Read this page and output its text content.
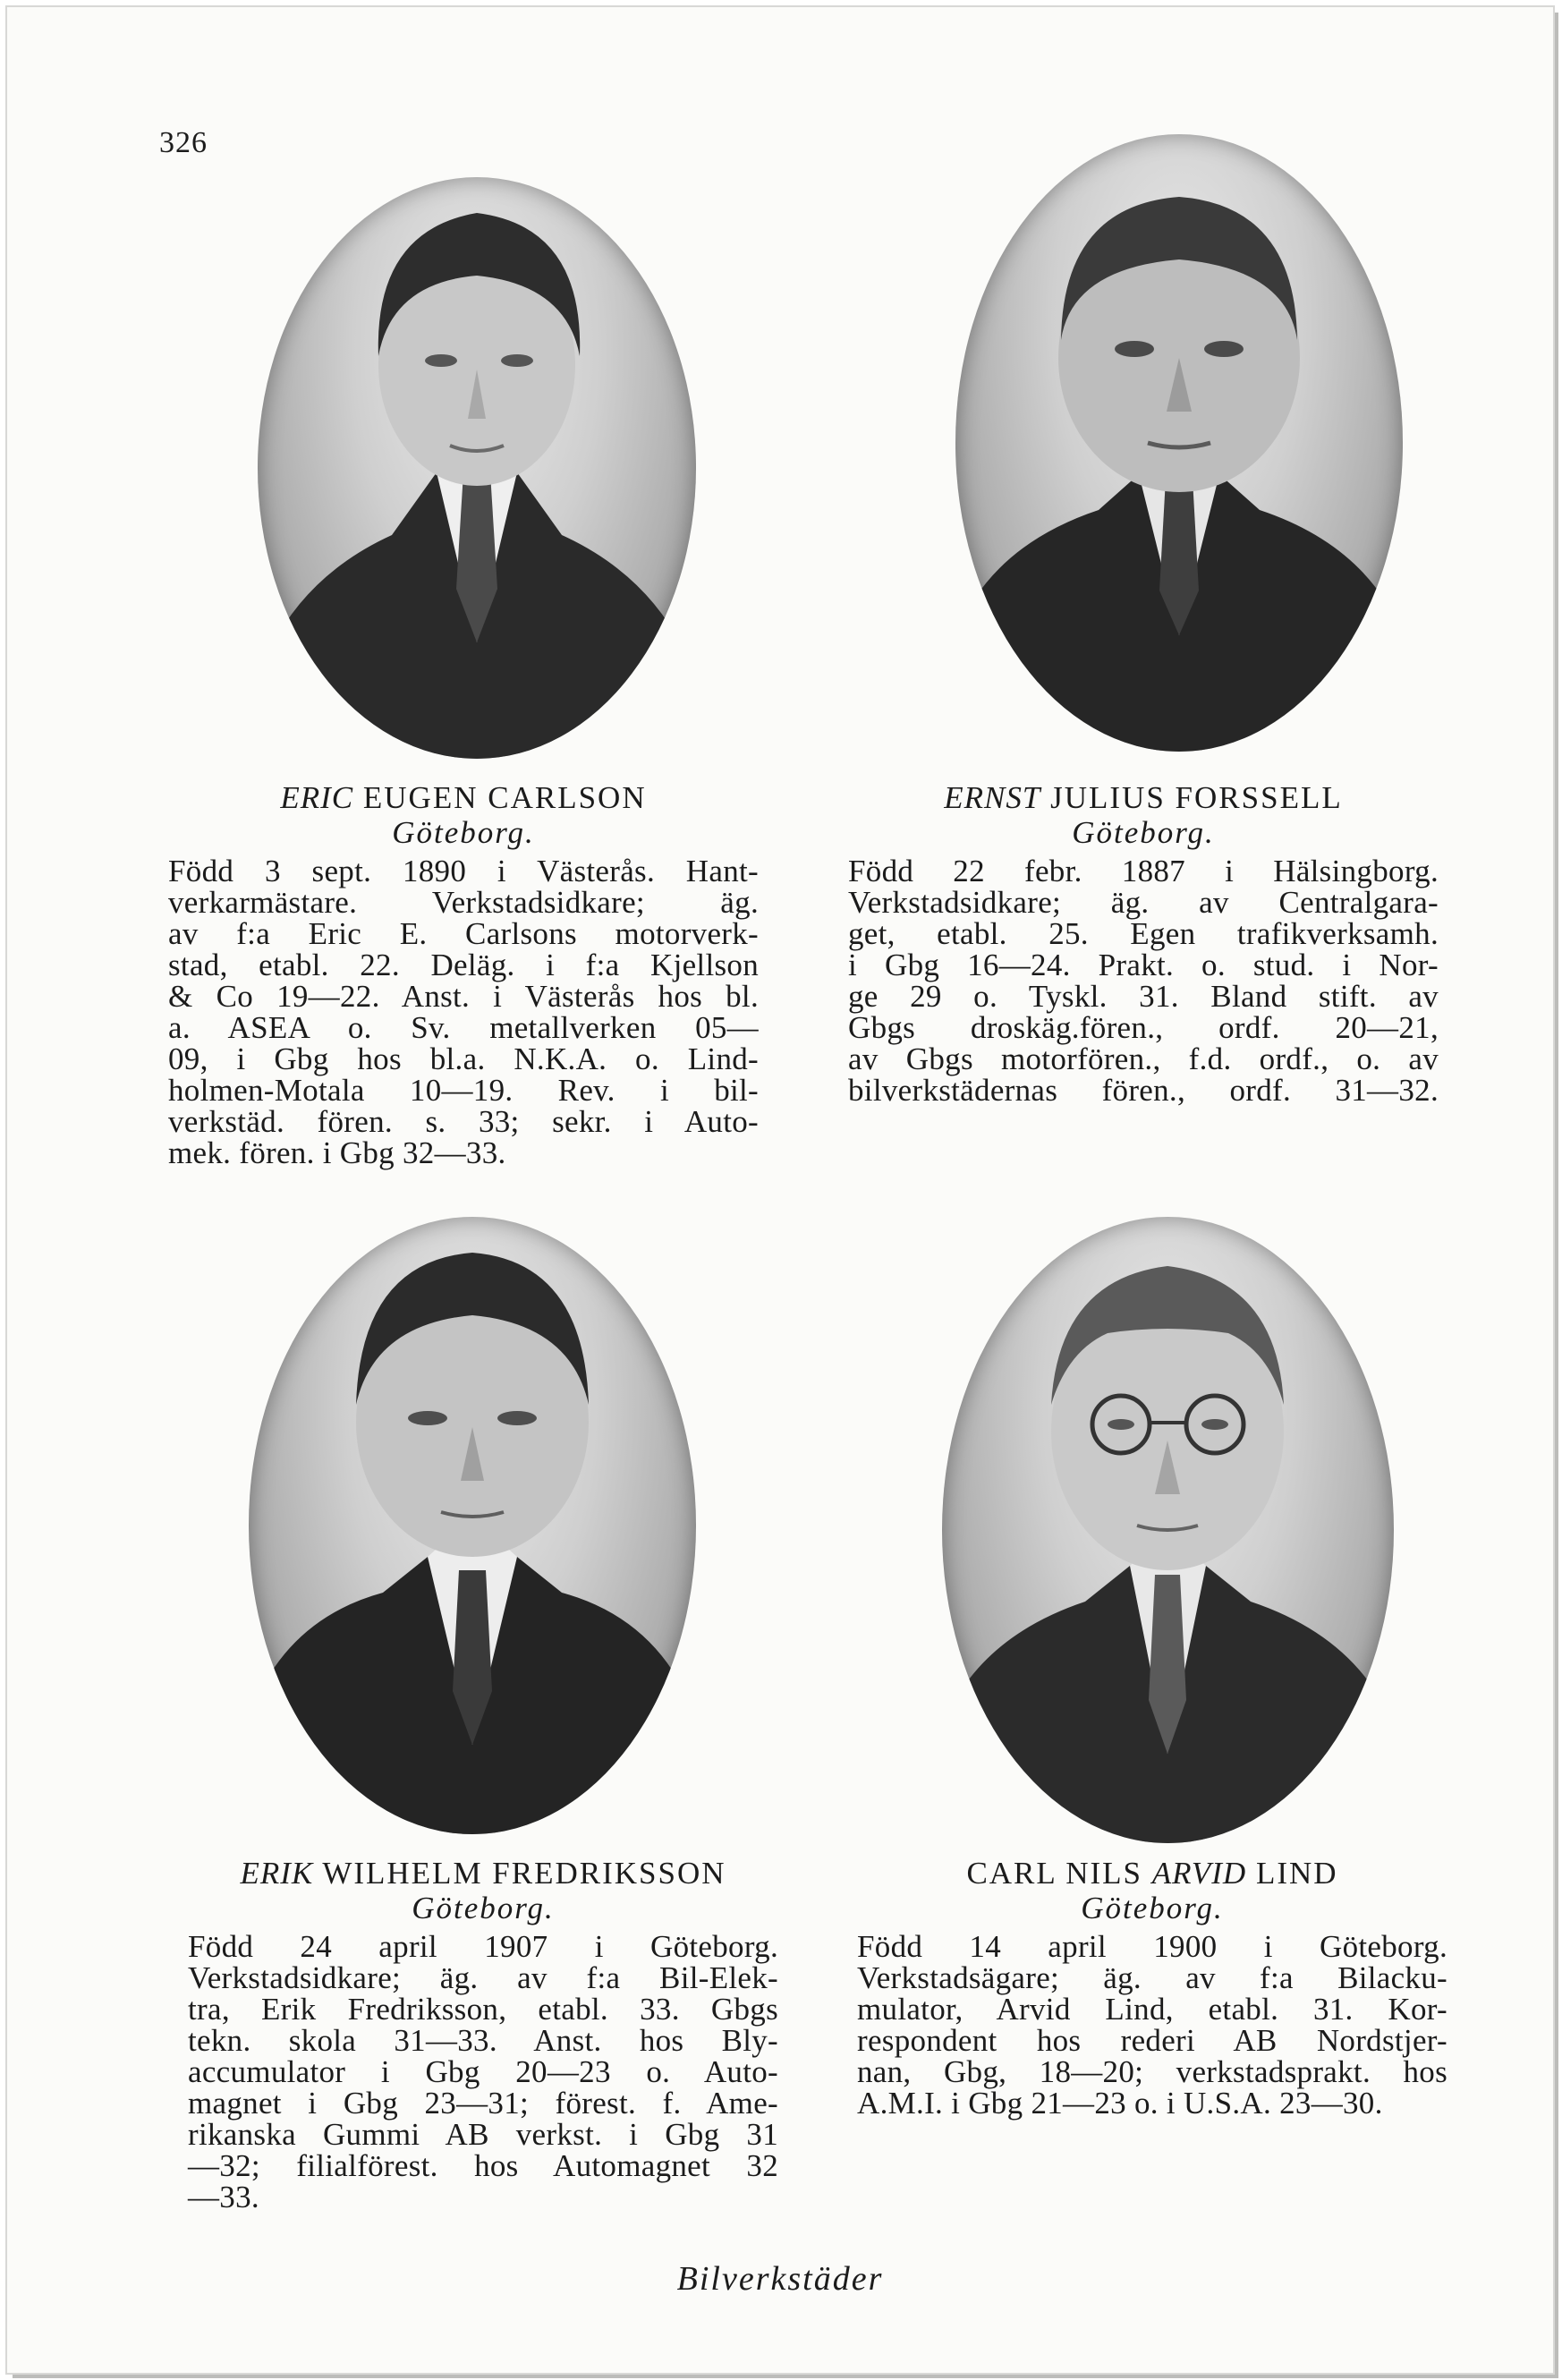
326
ERIC EUGEN CARLSON
Göteborg.
Född 3 sept. 1890 i Västerås. Hant-
verkarmästare. Verkstadsidkare; äg.
av f:a Eric E. Carlsons motorverk-
stad, etabl. 22. Deläg. i f:a Kjellson
& Co 19—22. Anst. i Västerås hos bl.
a. ASEA o. Sv. metallverken 05—
09, i Gbg hos bl.a. N.K.A. o. Lind-
holmen-Motala 10—19. Rev. i bil-
verkstäd. fören. s. 33; sekr. i Auto-
mek. fören. i Gbg 32—33.
ERNST JULIUS FORSSELL
Göteborg.
Född 22 febr. 1887 i Hälsingborg.
Verkstadsidkare; äg. av Centralgara-
get, etabl. 25. Egen trafikverksamh.
i Gbg 16—24. Prakt. o. stud. i Nor-
ge 29 o. Tyskl. 31. Bland stift. av
Gbgs droskäg.fören., ordf. 20—21,
av Gbgs motorfören., f.d. ordf., o. av
bilverkstädernas fören., ordf. 31—32.
ERIK WILHELM FREDRIKSSON
Göteborg.
Född 24 april 1907 i Göteborg.
Verkstadsidkare; äg. av f:a Bil-Elek-
tra, Erik Fredriksson, etabl. 33. Gbgs
tekn. skola 31—33. Anst. hos Bly-
accumulator i Gbg 20—23 o. Auto-
magnet i Gbg 23—31; förest. f. Ame-
rikanska Gummi AB verkst. i Gbg 31
—32; filialförest. hos Automagnet 32
—33.
CARL NILS ARVID LIND
Göteborg.
Född 14 april 1900 i Göteborg.
Verkstadsägare; äg. av f:a Bilacku-
mulator, Arvid Lind, etabl. 31. Kor-
respondent hos rederi AB Nordstjer-
nan, Gbg, 18—20; verkstadsprakt. hos
A.M.I. i Gbg 21—23 o. i U.S.A. 23—30.
Bilverkstäder
